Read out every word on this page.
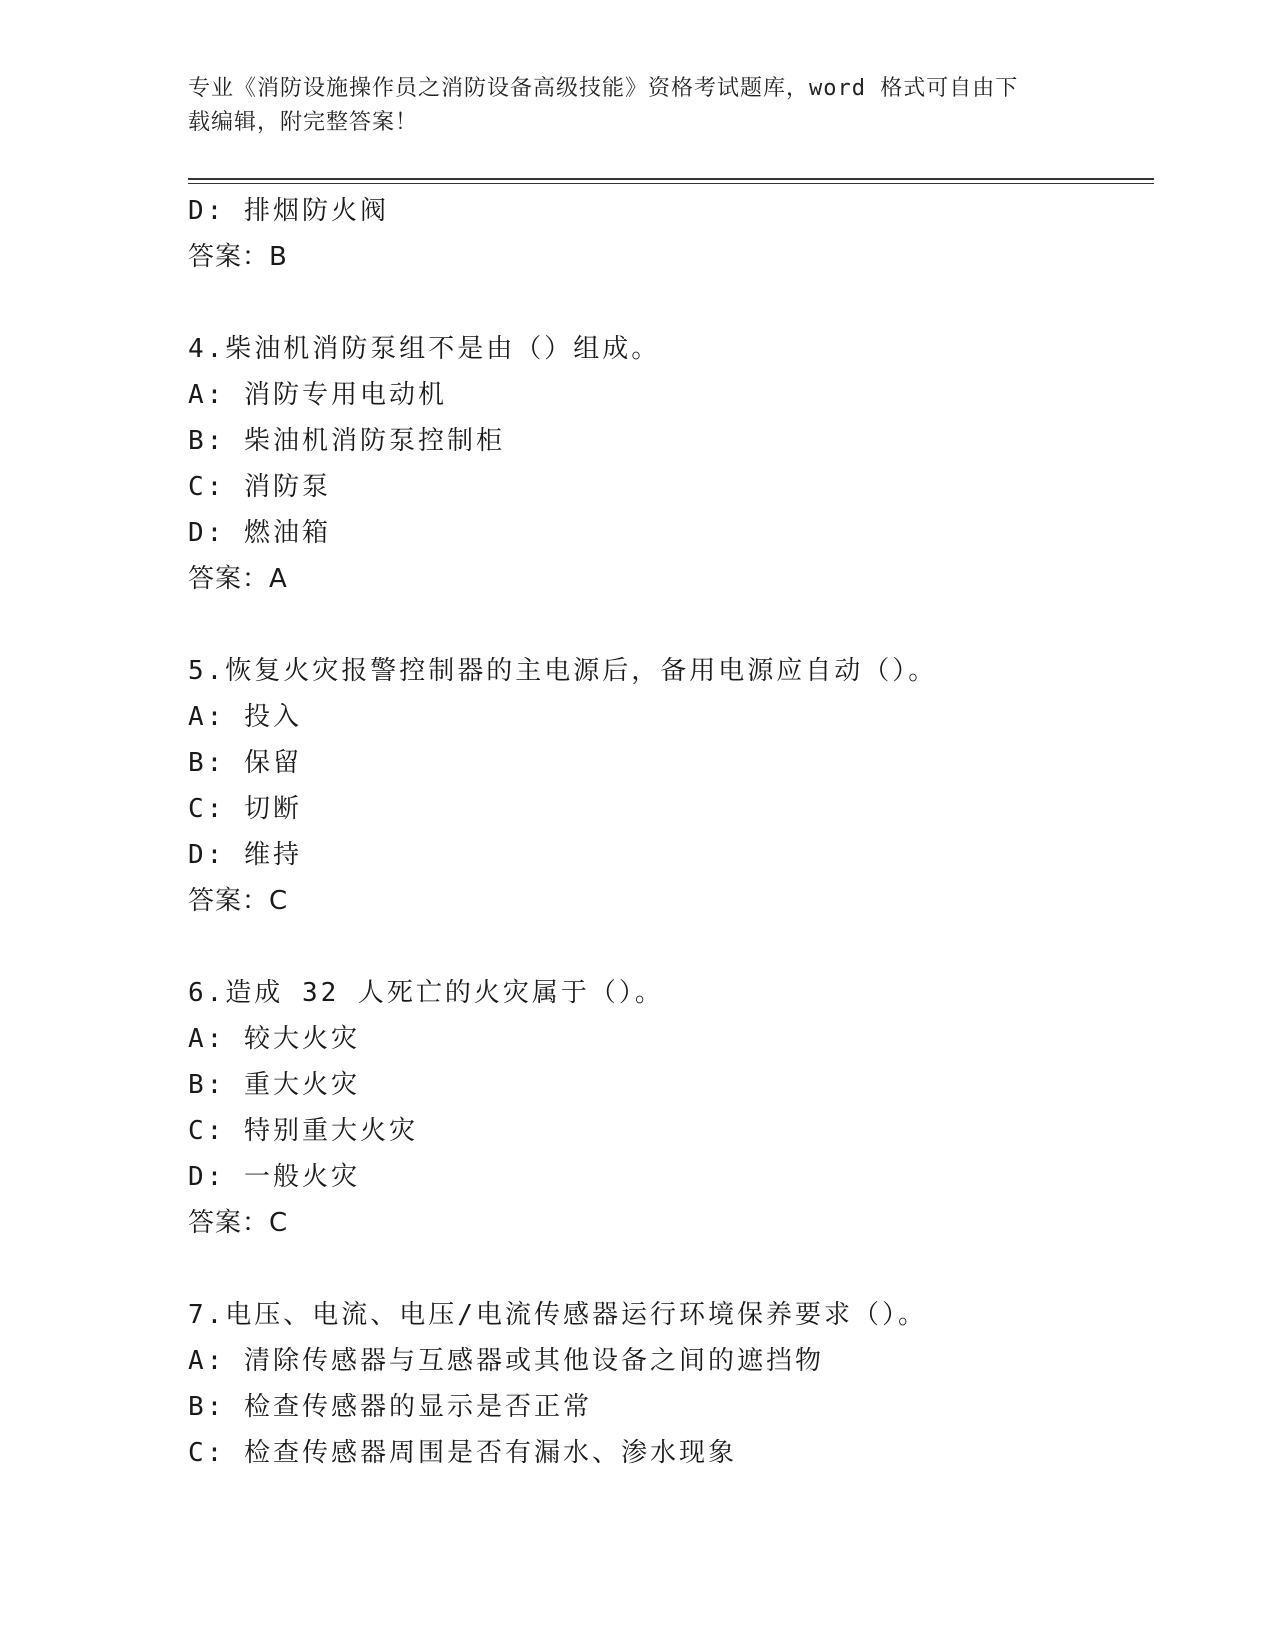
专业《消防设施操作员之消防设备高级技能》资格考试题库，word 格式可自由下
载编辑，附完整答案！
D: 排烟防火阀
答案：B
4.柴油机消防泵组不是由（）组成。
A: 消防专用电动机
B: 柴油机消防泵控制柜
C: 消防泵
D: 燃油箱
答案：A
5.恢复火灾报警控制器的主电源后，备用电源应自动（）。
A: 投入
B: 保留
C: 切断
D: 维持
答案：C
6.造成 32 人死亡的火灾属于（）。
A: 较大火灾
B: 重大火灾
C: 特别重大火灾
D: 一般火灾
答案：C
7.电压、电流、电压/电流传感器运行环境保养要求（）。
A: 清除传感器与互感器或其他设备之间的遮挡物
B: 检查传感器的显示是否正常
C: 检查传感器周围是否有漏水、渗水现象
